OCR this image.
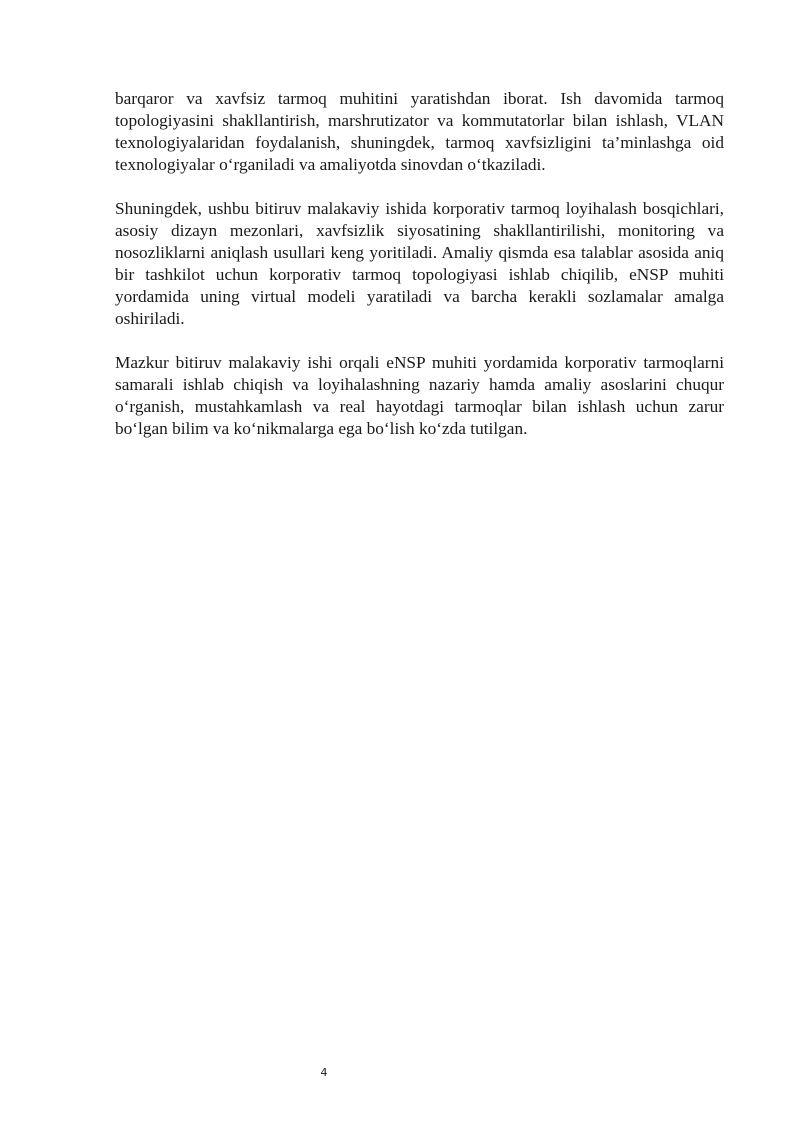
barqaror va xavfsiz tarmoq muhitini yaratishdan iborat. Ish davomida tarmoq topologiyasini shakllantirish, marshrutizator va kommutatorlar bilan ishlash, VLAN texnologiyalaridan foydalanish, shuningdek, tarmoq xavfsizligini ta’minlashga oid texnologiyalar o‘rganiladi va amaliyotda sinovdan o‘tkaziladi.

Shuningdek, ushbu bitiruv malakaviy ishida korporativ tarmoq loyihalash bosqichlari, asosiy dizayn mezonlari, xavfsizlik siyosatining shakllantirilishi, monitoring va nosozliklarni aniqlash usullari keng yoritiladi. Amaliy qismda esa talablar asosida aniq bir tashkilot uchun korporativ tarmoq topologiyasi ishlab chiqilib, eNSP muhiti yordamida uning virtual modeli yaratiladi va barcha kerakli sozlamalar amalga oshiriladi.

Mazkur bitiruv malakaviy ishi orqali eNSP muhiti yordamida korporativ tarmoqlarni samarali ishlab chiqish va loyihalashning nazariy hamda amaliy asoslarini chuqur o‘rganish, mustahkamlash va real hayotdagi tarmoqlar bilan ishlash uchun zarur bo‘lgan bilim va ko‘nikmalarga ega bo‘lish ko‘zda tutilgan.

4
